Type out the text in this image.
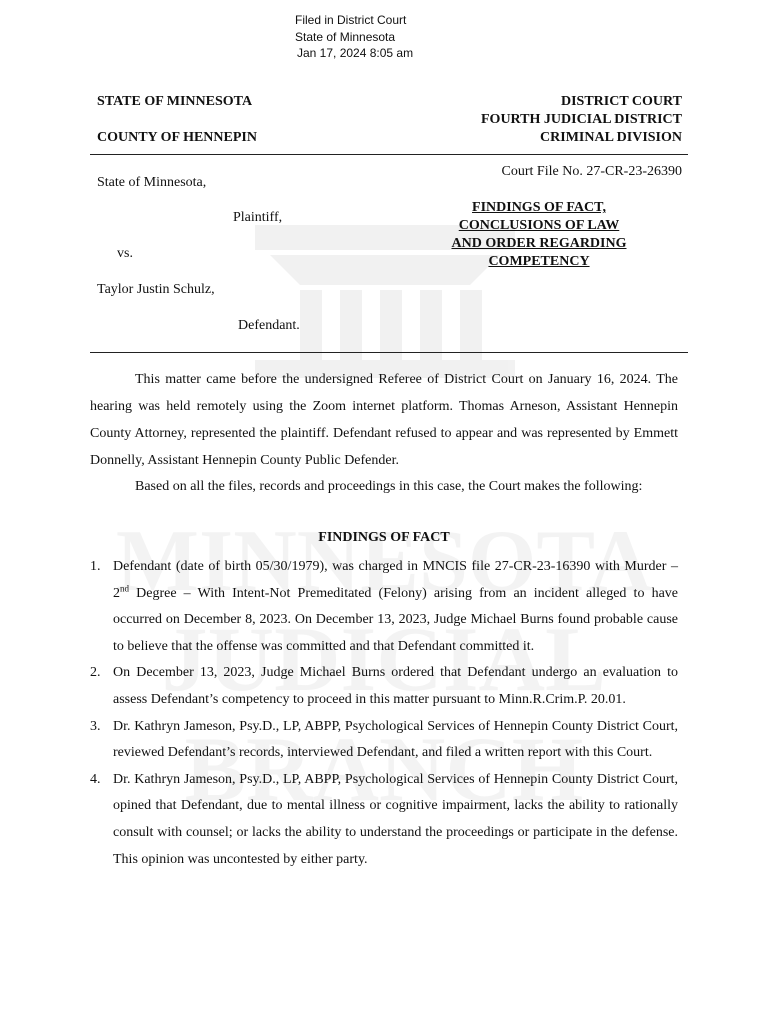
Filed in District Court
State of Minnesota
Jan 17, 2024 8:05 am
STATE OF MINNESOTA
COUNTY OF HENNEPIN
DISTRICT COURT
FOURTH JUDICIAL DISTRICT
CRIMINAL DIVISION
Court File No. 27-CR-23-26390
State of Minnesota,
Plaintiff,
vs.
Taylor Justin Schulz,
Defendant.
FINDINGS OF FACT,
CONCLUSIONS OF LAW
AND ORDER REGARDING
COMPETENCY
This matter came before the undersigned Referee of District Court on January 16, 2024. The hearing was held remotely using the Zoom internet platform. Thomas Arneson, Assistant Hennepin County Attorney, represented the plaintiff. Defendant refused to appear and was represented by Emmett Donnelly, Assistant Hennepin County Public Defender.
Based on all the files, records and proceedings in this case, the Court makes the following:
FINDINGS OF FACT
1. Defendant (date of birth 05/30/1979), was charged in MNCIS file 27-CR-23-16390 with Murder – 2nd Degree – With Intent-Not Premeditated (Felony) arising from an incident alleged to have occurred on December 8, 2023. On December 13, 2023, Judge Michael Burns found probable cause to believe that the offense was committed and that Defendant committed it.
2. On December 13, 2023, Judge Michael Burns ordered that Defendant undergo an evaluation to assess Defendant’s competency to proceed in this matter pursuant to Minn.R.Crim.P. 20.01.
3. Dr. Kathryn Jameson, Psy.D., LP, ABPP, Psychological Services of Hennepin County District Court, reviewed Defendant’s records, interviewed Defendant, and filed a written report with this Court.
4. Dr. Kathryn Jameson, Psy.D., LP, ABPP, Psychological Services of Hennepin County District Court, opined that Defendant, due to mental illness or cognitive impairment, lacks the ability to rationally consult with counsel; or lacks the ability to understand the proceedings or participate in the defense. This opinion was uncontested by either party.
